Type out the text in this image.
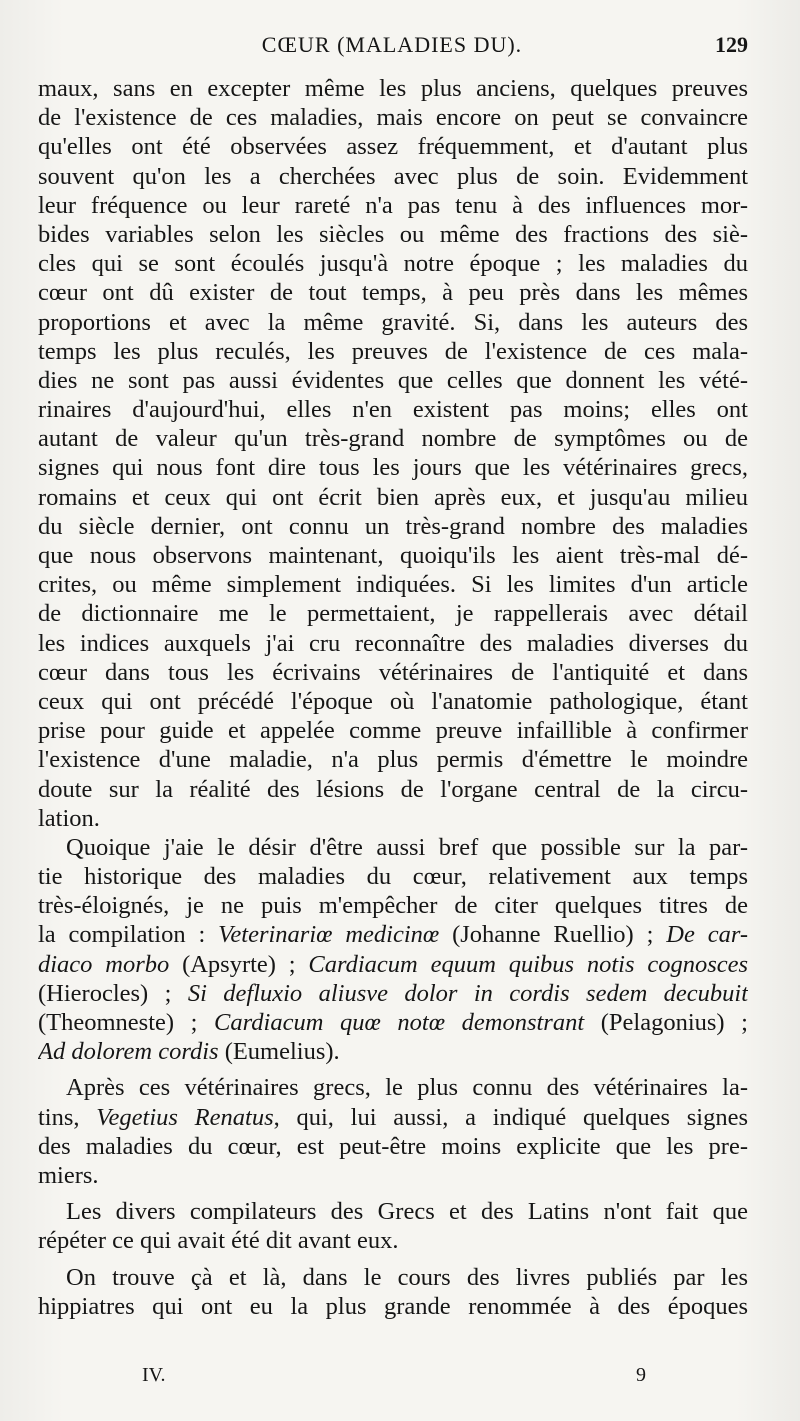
CŒUR (MALADIES DU).	129
maux, sans en excepter même les plus anciens, quelques preuves
de l'existence de ces maladies, mais encore on peut se convaincre
qu'elles ont été observées assez fréquemment, et d'autant plus
souvent qu'on les a cherchées avec plus de soin. Evidemment
leur fréquence ou leur rareté n'a pas tenu à des influences mor-
bides variables selon les siècles ou même des fractions des siè-
cles qui se sont écoulés jusqu'à notre époque ; les maladies du
cœur ont dû exister de tout temps, à peu près dans les mêmes
proportions et avec la même gravité. Si, dans les auteurs des
temps les plus reculés, les preuves de l'existence de ces mala-
dies ne sont pas aussi évidentes que celles que donnent les vété-
rinaires d'aujourd'hui, elles n'en existent pas moins; elles ont
autant de valeur qu'un très-grand nombre de symptômes ou de
signes qui nous font dire tous les jours que les vétérinaires grecs,
romains et ceux qui ont écrit bien après eux, et jusqu'au milieu
du siècle dernier, ont connu un très-grand nombre des maladies
que nous observons maintenant, quoiqu'ils les aient très-mal dé-
crites, ou même simplement indiquées. Si les limites d'un article
de dictionnaire me le permettaient, je rappellerais avec détail
les indices auxquels j'ai cru reconnaître des maladies diverses du
cœur dans tous les écrivains vétérinaires de l'antiquité et dans
ceux qui ont précédé l'époque où l'anatomie pathologique, étant
prise pour guide et appelée comme preuve infaillible à confirmer
l'existence d'une maladie, n'a plus permis d'émettre le moindre
doute sur la réalité des lésions de l'organe central de la circu-
lation.
Quoique j'aie le désir d'être aussi bref que possible sur la par-
tie historique des maladies du cœur, relativement aux temps
très-éloignés, je ne puis m'empêcher de citer quelques titres de
la compilation : Veterinariœ medicinœ (Johanne Ruellio) ; De car-
diaco morbo (Apsyrte) ; Cardiacum equum quibus notis cognosces
(Hierocles) ; Si defluxio aliusve dolor in cordis sedem decubuit
(Theomneste) ; Cardiacum quœ notœ demonstrant (Pelagonius) ;
Ad dolorem cordis (Eumelius).
Après ces vétérinaires grecs, le plus connu des vétérinaires la-
tins, Vegetius Renatus, qui, lui aussi, a indiqué quelques signes
des maladies du cœur, est peut-être moins explicite que les pre-
miers.
Les divers compilateurs des Grecs et des Latins n'ont fait que
répéter ce qui avait été dit avant eux.
On trouve çà et là, dans le cours des livres publiés par les
hippiatres qui ont eu la plus grande renommée à des époques
IV.	9
